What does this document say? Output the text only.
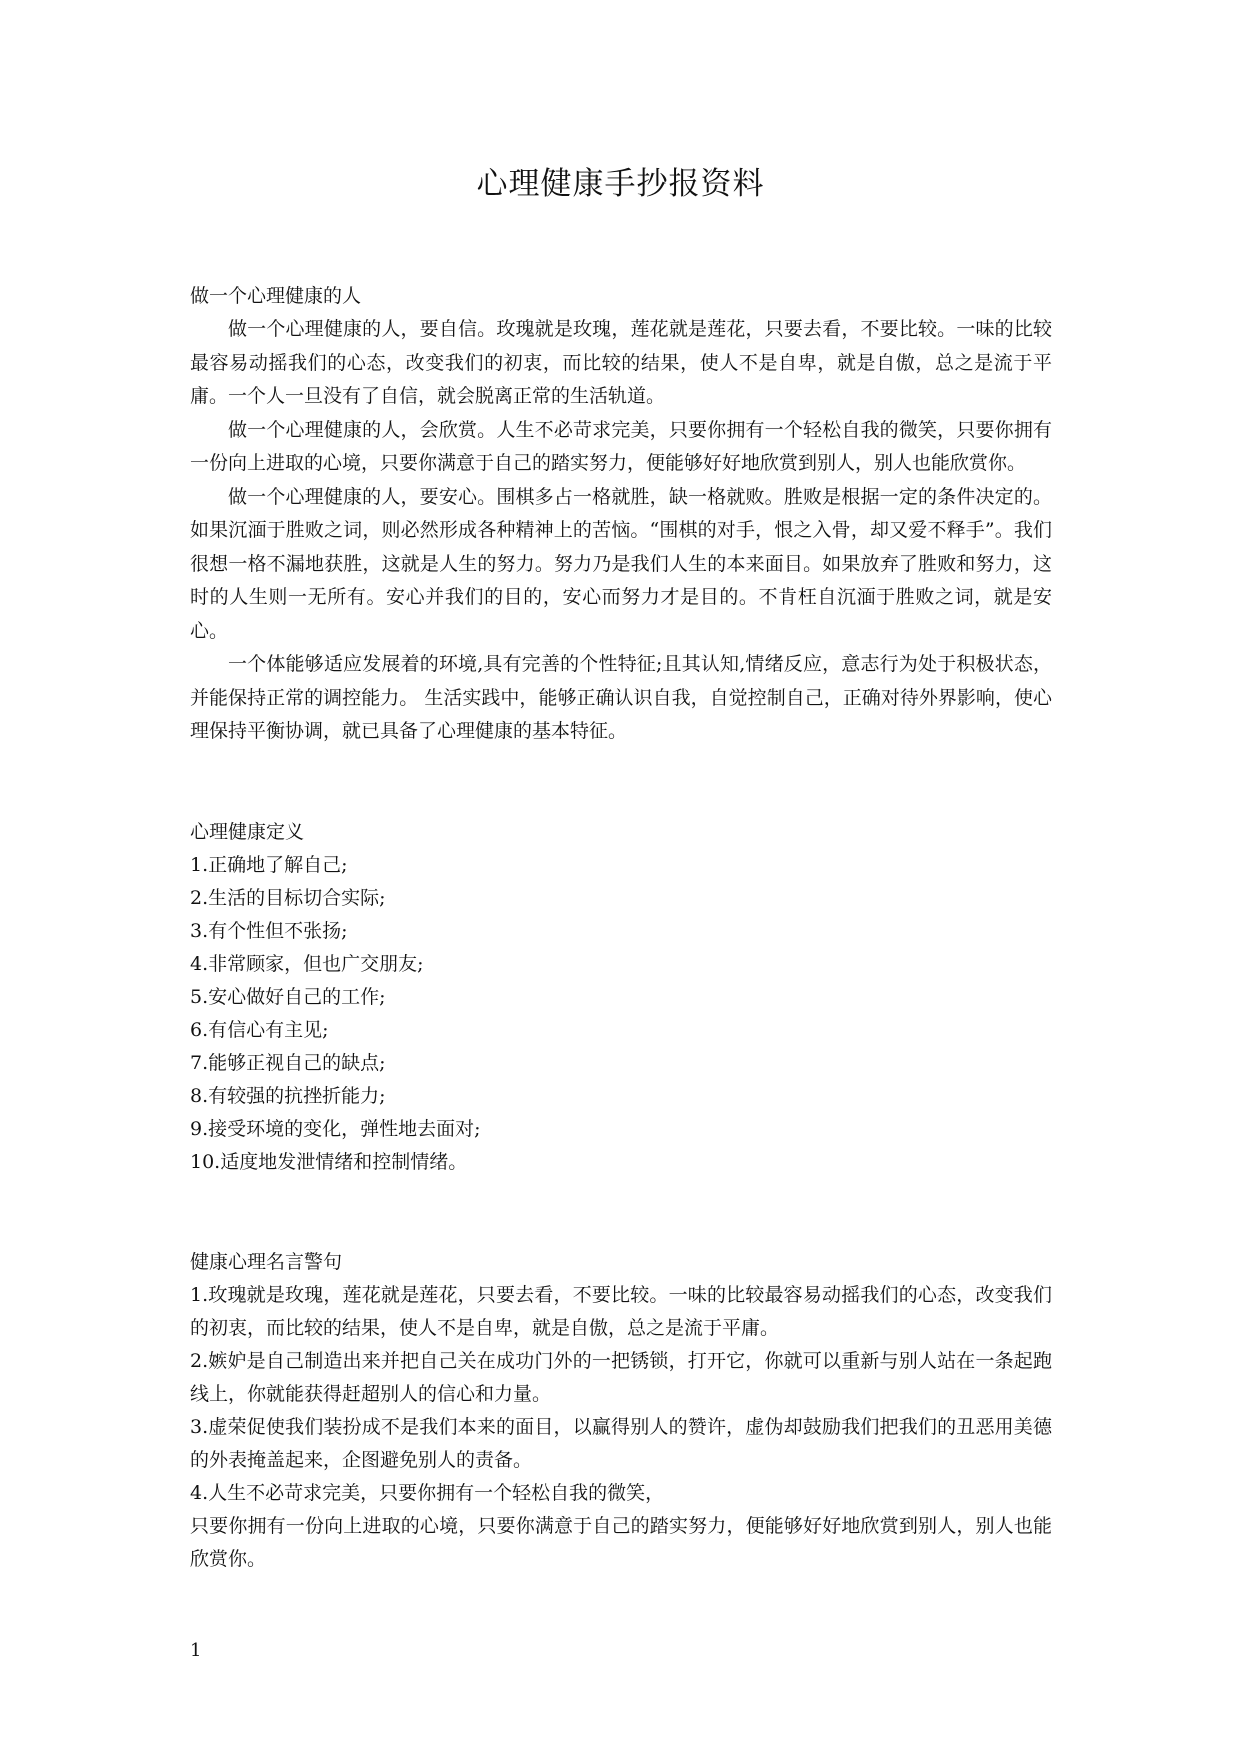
心理健康手抄报资料

做一个心理健康的人

做一个心理健康的人，要自信。玫瑰就是玫瑰，莲花就是莲花，只要去看，不要比较。一味的比较最容易动摇我们的心态，改变我们的初衷，而比较的结果，使人不是自卑，就是自傲，总之是流于平庸。一个人一旦没有了自信，就会脱离正常的生活轨道。

做一个心理健康的人，会欣赏。人生不必苛求完美，只要你拥有一个轻松自我的微笑，只要你拥有一份向上进取的心境，只要你满意于自己的踏实努力，便能够好好地欣赏到别人，别人也能欣赏你。

做一个心理健康的人，要安心。围棋多占一格就胜，缺一格就败。胜败是根据一定的条件决定的。如果沉湎于胜败之词，则必然形成各种精神上的苦恼。“围棋的对手，恨之入骨，却又爱不释手”。我们很想一格不漏地获胜，这就是人生的努力。努力乃是我们人生的本来面目。如果放弃了胜败和努力，这时的人生则一无所有。安心并我们的目的，安心而努力才是目的。不肯枉自沉湎于胜败之词，就是安心。

一个体能够适应发展着的环境,具有完善的个性特征;且其认知,情绪反应，意志行为处于积极状态，并能保持正常的调控能力。 生活实践中，能够正确认识自我，自觉控制自己，正确对待外界影响，使心理保持平衡协调，就已具备了心理健康的基本特征。

心理健康定义

1.正确地了解自己;

2.生活的目标切合实际;

3.有个性但不张扬;

4.非常顾家，但也广交朋友;

5.安心做好自己的工作;

6.有信心有主见;

7.能够正视自己的缺点;

8.有较强的抗挫折能力;

9.接受环境的变化，弹性地去面对;

10.适度地发泄情绪和控制情绪。

健康心理名言警句

1.玫瑰就是玫瑰，莲花就是莲花，只要去看，不要比较。一味的比较最容易动摇我们的心态，改变我们的初衷，而比较的结果，使人不是自卑，就是自傲，总之是流于平庸。

2.嫉妒是自己制造出来并把自己关在成功门外的一把锈锁，打开它，你就可以重新与别人站在一条起跑线上，你就能获得赶超别人的信心和力量。

3.虚荣促使我们装扮成不是我们本来的面目，以赢得别人的赞许，虚伪却鼓励我们把我们的丑恶用美德的外表掩盖起来，企图避免别人的责备。

4.人生不必苛求完美，只要你拥有一个轻松自我的微笑，

只要你拥有一份向上进取的心境，只要你满意于自己的踏实努力，便能够好好地欣赏到别人，别人也能欣赏你。

1
